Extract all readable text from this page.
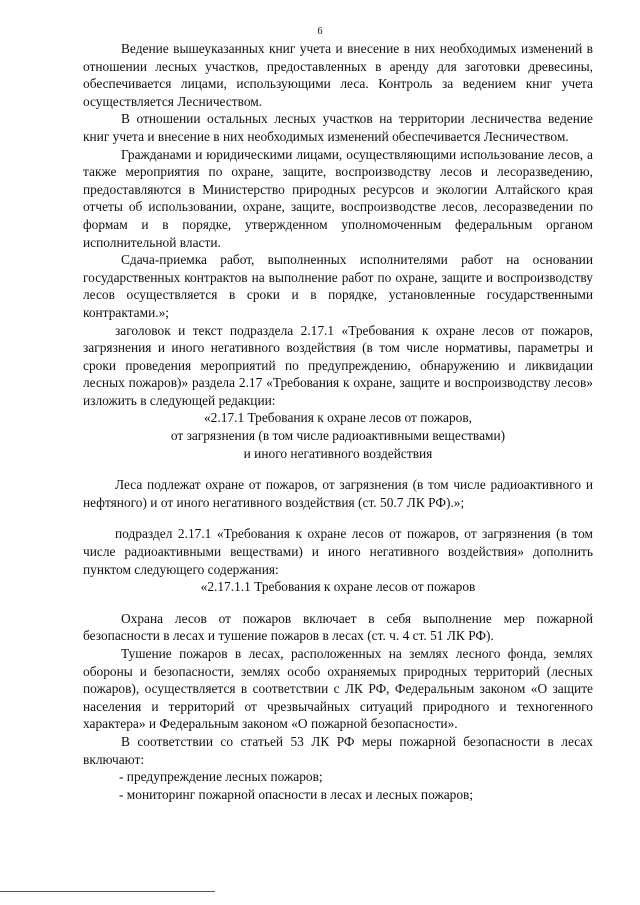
6

Ведение вышеуказанных книг учета и внесение в них необходимых изменений в отношении лесных участков, предоставленных в аренду для заготовки древесины, обеспечивается лицами, использующими леса. Контроль за ведением книг учета осуществляется Лесничеством.

В отношении остальных лесных участков на территории лесничества ведение книг учета и внесение в них необходимых изменений обеспечивается Лесничеством.

Гражданами и юридическими лицами, осуществляющими использование лесов, а также мероприятия по охране, защите, воспроизводству лесов и лесоразведению, предоставляются в Министерство природных ресурсов и экологии Алтайского края отчеты об использовании, охране, защите, воспроизводстве лесов, лесоразведении по формам и в порядке, утвержденном уполномоченным федеральным органом исполнительной власти.

Сдача-приемка работ, выполненных исполнителями работ на основании государственных контрактов на выполнение работ по охране, защите и воспроизводству лесов осуществляется в сроки и в порядке, установленные государственными контрактами.»;

заголовок и текст подраздела 2.17.1 «Требования к охране лесов от пожаров, загрязнения и иного негативного воздействия (в том числе нормативы, параметры и сроки проведения мероприятий по предупреждению, обнаружению и ликвидации лесных пожаров)» раздела 2.17 «Требования к охране, защите и воспроизводству лесов» изложить в следующей редакции:

«2.17.1 Требования к охране лесов от пожаров,

от загрязнения (в том числе радиоактивными веществами)

и иного негативного воздействия

Леса подлежат охране от пожаров, от загрязнения (в том числе радиоактивного и нефтяного) и от иного негативного воздействия (ст. 50.7 ЛК РФ).»;

подраздел 2.17.1 «Требования к охране лесов от пожаров, от загрязнения (в том числе радиоактивными веществами) и иного негативного воздействия» дополнить пунктом следующего содержания:

«2.17.1.1 Требования к охране лесов от пожаров

Охрана лесов от пожаров включает в себя выполнение мер пожарной безопасности в лесах и тушение пожаров в лесах (ст. ч. 4 ст. 51 ЛК РФ).

Тушение пожаров в лесах, расположенных на землях лесного фонда, землях обороны и безопасности, землях особо охраняемых природных территорий (лесных пожаров), осуществляется в соответствии с ЛК РФ, Федеральным законом «О защите населения и территорий от чрезвычайных ситуаций природного и техногенного характера» и Федеральным законом «О пожарной безопасности».

В соответствии со статьей 53 ЛК РФ меры пожарной безопасности в лесах включают:

- предупреждение лесных пожаров;

- мониторинг пожарной опасности в лесах и лесных пожаров;
